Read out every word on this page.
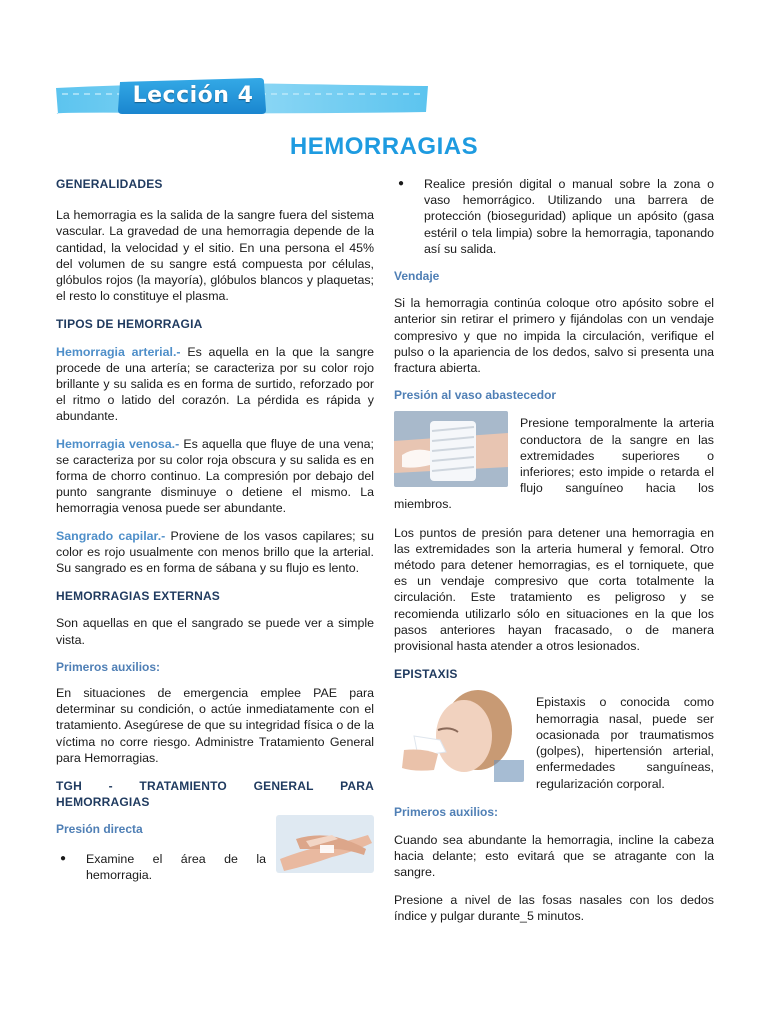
Lección 4
HEMORRAGIAS

GENERALIDADES

La hemorragia es la salida de la sangre fuera del sistema vascular. La gravedad de una hemorragia depende de la cantidad, la velocidad y el sitio. En una persona el 45% del volumen de su sangre está compuesta por células, glóbulos rojos (la mayoría), glóbulos blancos y plaquetas; el resto lo constituye el plasma.

TIPOS DE HEMORRAGIA

Hemorragia arterial.- Es aquella en la que la sangre procede de una artería; se caracteriza por su color rojo brillante y su salida es en forma de surtido, reforzado por el ritmo o latido del corazón. La pérdida es rápida y abundante.

Hemorragia venosa.- Es aquella que fluye de una vena; se caracteriza por su color roja obscura y su salida es en forma de chorro continuo. La compresión por debajo del punto sangrante disminuye o detiene el mismo. La hemorragia venosa puede ser abundante.

Sangrado capilar.- Proviene de los vasos capilares; su color es rojo usualmente con menos brillo que la arterial. Su sangrado es en forma de sábana y su flujo es lento.

HEMORRAGIAS EXTERNAS

Son aquellas en que el sangrado se puede ver a simple vista.

Primeros auxilios:

En situaciones de emergencia emplee PAE para determinar su condición, o actúe inmediatamente con el tratamiento. Asegúrese de que su integridad física o de la víctima no corre riesgo. Administre Tratamiento General para Hemorragias.

TGH - TRATAMIENTO GENERAL PARA HEMORRAGIAS

Presión directa

●	Examine el área de la hemorragia.
●	Realice presión digital o manual sobre la zona o vaso hemorrágico. Utilizando una barrera de protección (bioseguridad) aplique un apósito (gasa estéril o tela limpia) sobre la hemorragia, taponando así su salida.

Vendaje

Si la hemorragia continúa coloque otro apósito sobre el anterior sin retirar el primero y fijándolas con un vendaje compresivo y que no impida la circulación, verifique el pulso o la apariencia de los dedos, salvo si presenta una fractura abierta.

Presión al vaso abastecedor

Presione temporalmente la arteria conductora de la sangre en las extremidades superiores o inferiores; esto impide o retarda el flujo sanguíneo hacia los miembros.

Los puntos de presión para detener una hemorragia en las extremidades son la arteria humeral y femoral. Otro método para detener hemorragias, es el torniquete, que es un vendaje compresivo que corta totalmente la circulación. Este tratamiento es peligroso y se recomienda utilizarlo sólo en situaciones en la que los pasos anteriores hayan fracasado, o de manera provisional hasta atender a otros lesionados.

EPISTAXIS

Epistaxis o conocida como hemorragia nasal, puede ser ocasionada por traumatismos (golpes), hipertensión arterial, enfermedades sanguíneas, regularización corporal.

Primeros auxilios:

Cuando sea abundante la hemorragia, incline la cabeza hacia delante; esto evitará que se atragante con la sangre.

Presione a nivel de las fosas nasales con los dedos índice y pulgar durante_5 minutos.
